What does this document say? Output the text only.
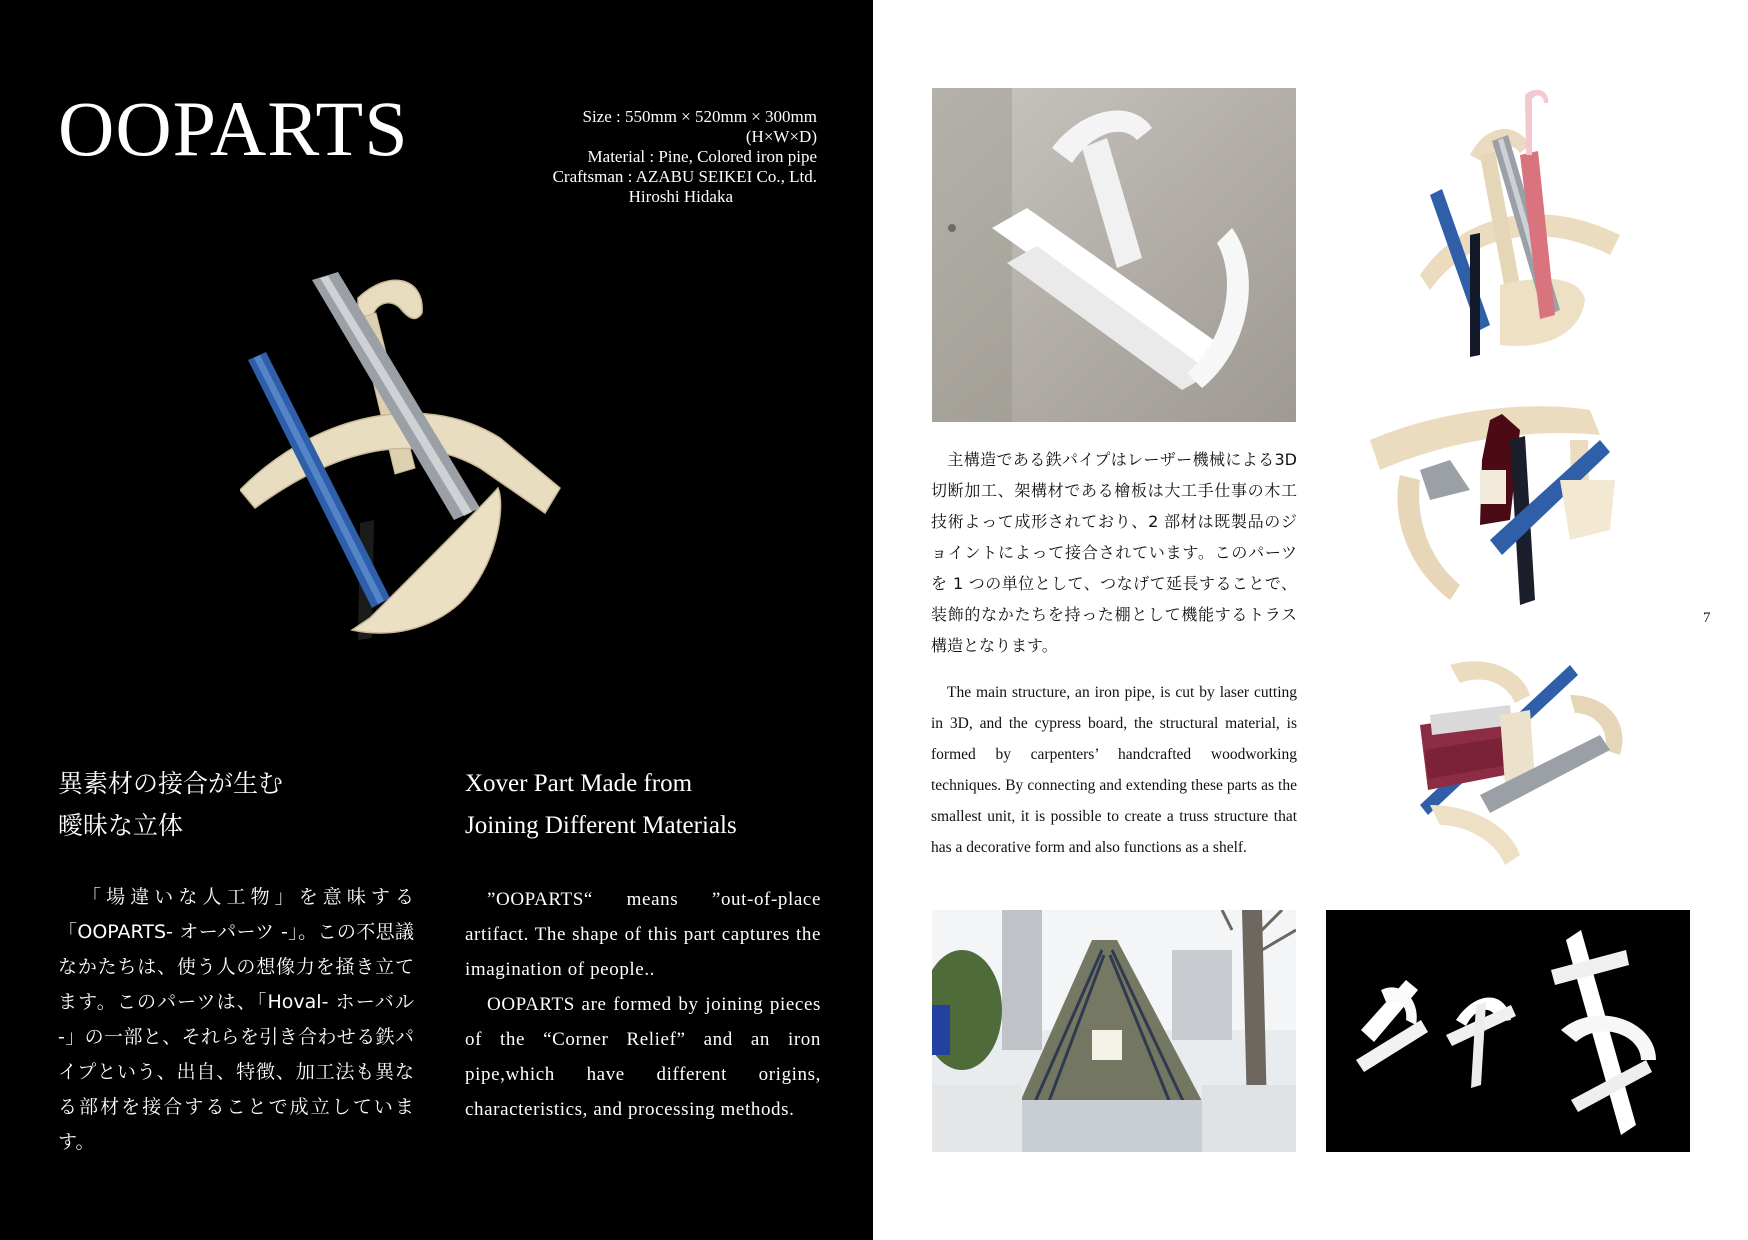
OOPARTS	Size : 550mm × 520mm × 300mm
(H×W×D)
Material : Pine, Colored iron pipe
Craftsman : AZABU SEIKEI Co., Ltd.
Hiroshi Hidaka
異素材の接合が生む
曖昧な立体
Xover Part Made from
Joining Different Materials
「場違いな人工物」を意味する「OOPARTS- オーパーツ -」。この不思議なかたちは、使う人の想像力を掻き立てます。このパーツは、「Hoval- ホーバル -」の一部と、それらを引き合わせる鉄パイプという、出自、特徴、加工法も異なる部材を接合することで成立しています。
”OOPARTS“ means ”out-of-place artifact. The shape of this part captures the imagination of people..
OOPARTS are formed by joining pieces of the “Corner Relief” and an iron pipe,which have different origins, characteristics, and processing methods.
主構造である鉄パイプはレーザー機械による3D 切断加工、架構材である檜板は大工手仕事の木工技術よって成形されており、2 部材は既製品のジョイントによって接合されています。このパーツを 1 つの単位として、つなげて延長することで、装飾的なかたちを持った棚として機能するトラス構造となります。
The main structure, an iron pipe, is cut by laser cutting in 3D, and the cypress board, the structural material, is formed by carpenters’ handcrafted woodworking techniques. By connecting and extending these parts as the smallest unit, it is possible to create a truss structure that has a decorative form and also functions as a shelf.
7
